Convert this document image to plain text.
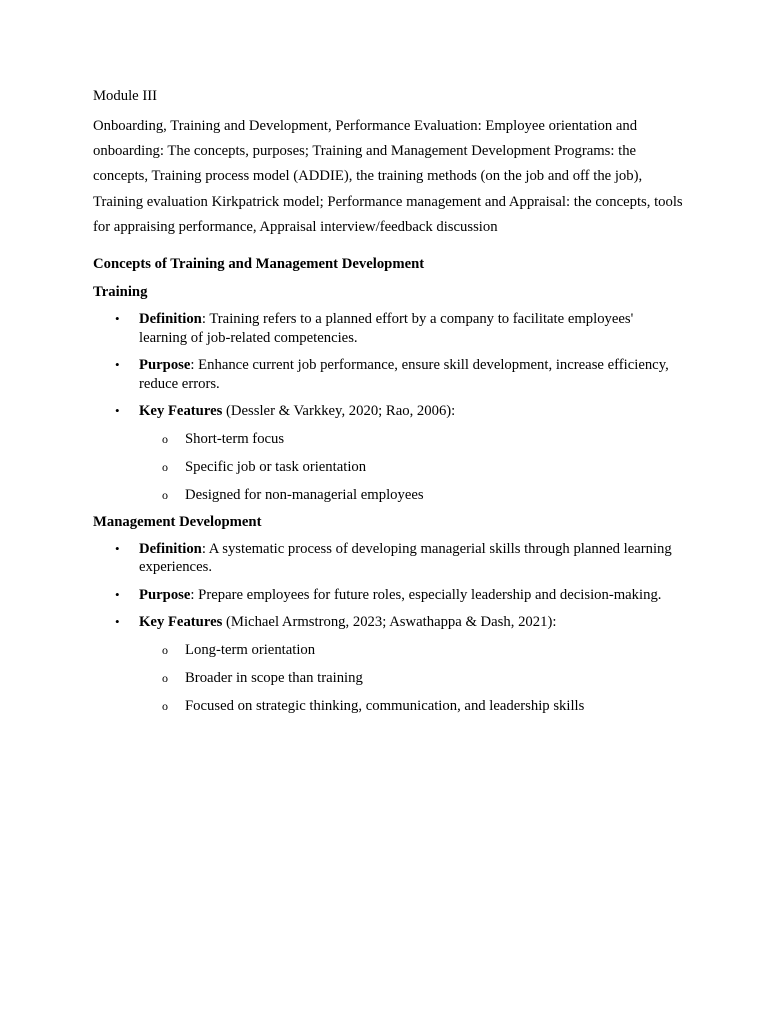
Module III

Onboarding, Training and Development, Performance Evaluation: Employee orientation and onboarding: The concepts, purposes; Training and Management Development Programs: the concepts, Training process model (ADDIE), the training methods (on the job and off the job), Training evaluation Kirkpatrick model; Performance management and Appraisal: the concepts, tools for appraising performance, Appraisal interview/feedback discussion

Concepts of Training and Management Development

Training

• Definition: Training refers to a planned effort by a company to facilitate employees' learning of job-related competencies.
• Purpose: Enhance current job performance, ensure skill development, increase efficiency, reduce errors.
• Key Features (Dessler & Varkkey, 2020; Rao, 2006):
o Short-term focus
o Specific job or task orientation
o Designed for non-managerial employees

Management Development

• Definition: A systematic process of developing managerial skills through planned learning experiences.
• Purpose: Prepare employees for future roles, especially leadership and decision-making.
• Key Features (Michael Armstrong, 2023; Aswathappa & Dash, 2021):
o Long-term orientation
o Broader in scope than training
o Focused on strategic thinking, communication, and leadership skills
